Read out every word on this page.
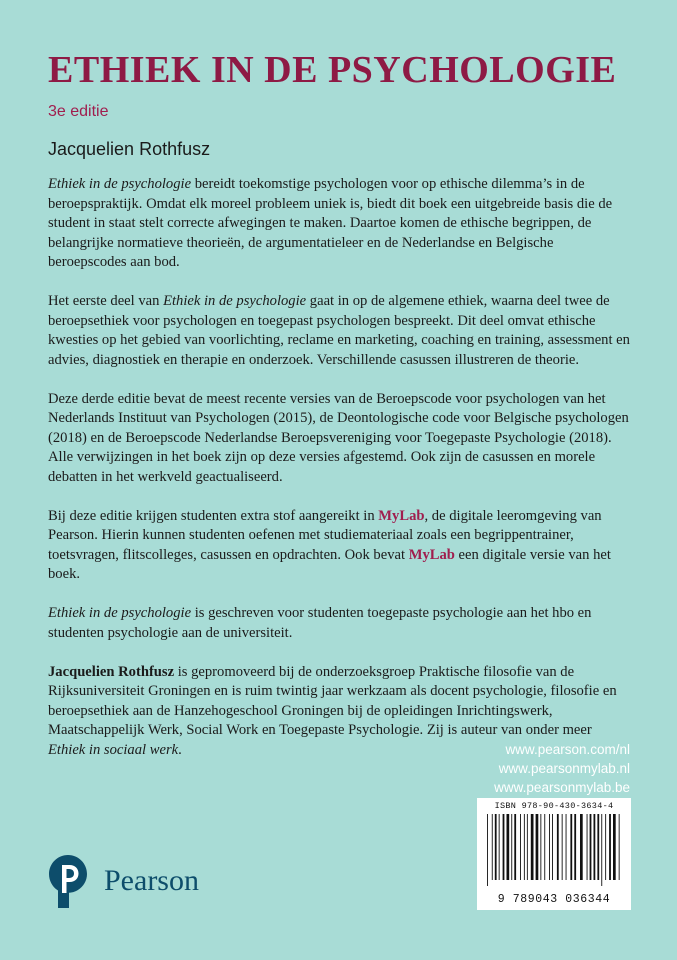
ETHIEK IN DE PSYCHOLOGIE
3e editie
Jacquelien Rothfusz

Ethiek in de psychologie bereidt toekomstige psychologen voor op ethische dilemma’s in de beroepspraktijk. Omdat elk moreel probleem uniek is, biedt dit boek een uitgebreide basis die de student in staat stelt correcte afwegingen te maken. Daartoe komen de ethische begrippen, de belangrijke normatieve theorieën, de argumentatieleer en de Nederlandse en Belgische beroepscodes aan bod.

Het eerste deel van Ethiek in de psychologie gaat in op de algemene ethiek, waarna deel twee de beroepsethiek voor psychologen en toegepast psychologen bespreekt. Dit deel omvat ethische kwesties op het gebied van voorlichting, reclame en marketing, coaching en training, assessment en advies, diagnostiek en therapie en onderzoek. Verschillende casussen illustreren de theorie.

Deze derde editie bevat de meest recente versies van de Beroepscode voor psychologen van het Nederlands Instituut van Psychologen (2015), de Deontologische code voor Belgische psychologen (2018) en de Beroepscode Nederlandse Beroepsvereniging voor Toegepaste Psychologie (2018). Alle verwijzingen in het boek zijn op deze versies afgestemd. Ook zijn de casussen en morele debatten in het werkveld geactualiseerd.

Bij deze editie krijgen studenten extra stof aangereikt in MyLab, de digitale leeromgeving van Pearson. Hierin kunnen studenten oefenen met studiemateriaal zoals een begrippentrainer, toetsvragen, flitscolleges, casussen en opdrachten. Ook bevat MyLab een digitale versie van het boek.

Ethiek in de psychologie is geschreven voor studenten toegepaste psychologie aan het hbo en studenten psychologie aan de universiteit.

Jacquelien Rothfusz is gepromoveerd bij de onderzoeksgroep Praktische filosofie van de Rijksuniversiteit Groningen en is ruim twintig jaar werkzaam als docent psychologie, filosofie en beroepsethiek aan de Hanzehogeschool Groningen bij de opleidingen Inrichtingswerk, Maatschappelijk Werk, Social Work en Toegepaste Psychologie. Zij is auteur van onder meer Ethiek in sociaal werk.	www.pearson.com/nl
www.pearsonmylab.nl
www.pearsonmylab.be
ISBN 978-90-430-3634-4
9 789043 036344
Pearson
